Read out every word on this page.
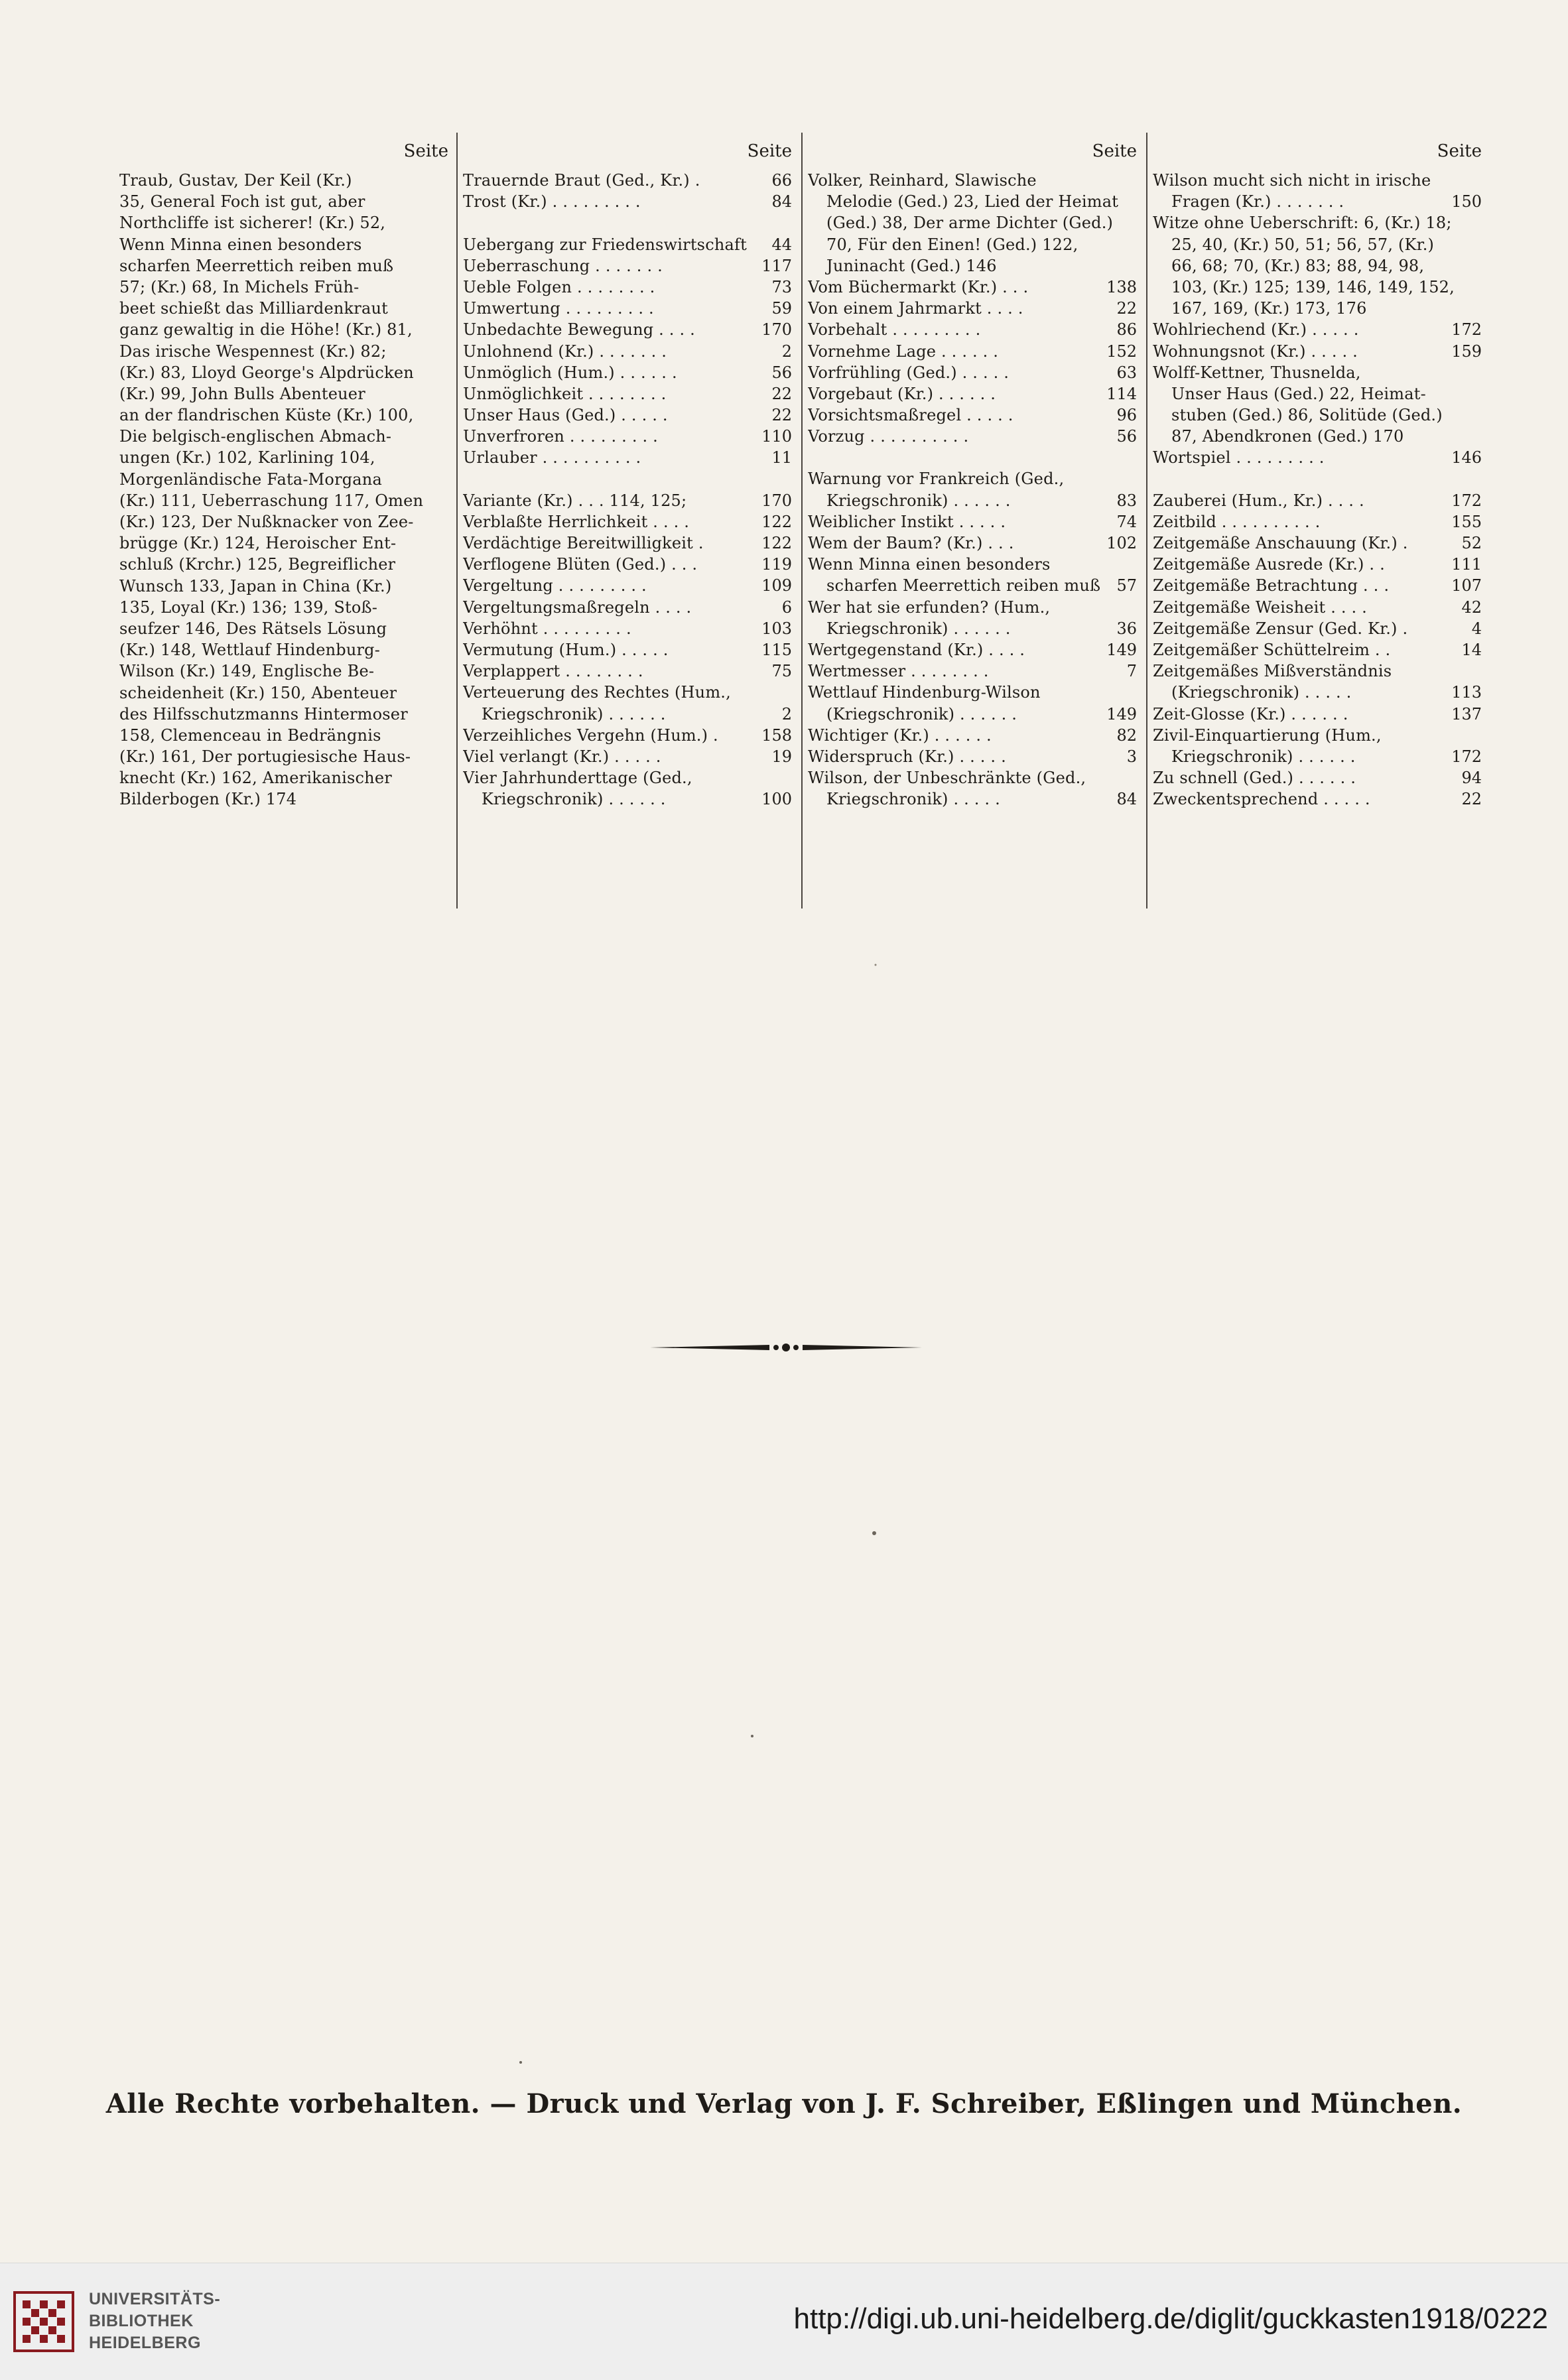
Seite
Traub, Gustav, Der Keil (Kr.)
35, General Foch ist gut, aber
Northcliffe ist sicherer! (Kr.) 52,
Wenn Minna einen besonders
scharfen Meerrettich reiben muß
57; (Kr.) 68, In Michels Früh-
beet schießt das Milliardenkraut
ganz gewaltig in die Höhe! (Kr.) 81,
Das irische Wespennest (Kr.) 82;
(Kr.) 83, Lloyd George's Alpdrücken
(Kr.) 99, John Bulls Abenteuer
an der flandrischen Küste (Kr.) 100,
Die belgisch-englischen Abmach-
ungen (Kr.) 102, Karlining 104,
Morgenländische Fata-Morgana
(Kr.) 111, Ueberraschung 117, Omen
(Kr.) 123, Der Nußknacker von Zee-
brügge (Kr.) 124, Heroischer Ent-
schluß (Krchr.) 125, Begreiflicher
Wunsch 133, Japan in China (Kr.)
135, Loyal (Kr.) 136; 139, Stoß-
seufzer 146, Des Rätsels Lösung
(Kr.) 148, Wettlauf Hindenburg-
Wilson (Kr.) 149, Englische Be-
scheidenheit (Kr.) 150, Abenteuer
des Hilfsschutzmanns Hintermoser
158, Clemenceau in Bedrängnis
(Kr.) 161, Der portugiesische Haus-
knecht (Kr.) 162, Amerikanischer
Bilderbogen (Kr.) 174
Seite
Trauernde Braut (Ged., Kr.) .	66
Trost (Kr.) . . . . . . . . .	84
Uebergang zur Friedenswirtschaft	44
Ueberraschung . . . . . . .	117
Ueble Folgen . . . . . . . .	73
Umwertung . . . . . . . . .	59
Unbedachte Bewegung . . . .	170
Unlohnend (Kr.) . . . . . . .	2
Unmöglich (Hum.) . . . . . .	56
Unmöglichkeit . . . . . . . .	22
Unser Haus (Ged.) . . . . .	22
Unverfroren . . . . . . . . .	110
Urlauber . . . . . . . . . .	11
Variante (Kr.) . . . 114, 125;	170
Verblaßte Herrlichkeit . . . .	122
Verdächtige Bereitwilligkeit .	122
Verflogene Blüten (Ged.) . . .	119
Vergeltung . . . . . . . . .	109
Vergeltungsmaßregeln . . . .	6
Verhöhnt . . . . . . . . .	103
Vermutung (Hum.) . . . . .	115
Verplappert . . . . . . . .	75
Verteuerung des Rechtes (Hum.,
Kriegschronik) . . . . . .	2
Verzeihliches Vergehn (Hum.) .	158
Viel verlangt (Kr.) . . . . .	19
Vier Jahrhunderttage (Ged.,
Kriegschronik) . . . . . .	100
Seite
Volker, Reinhard, Slawische
Melodie (Ged.) 23, Lied der Heimat
(Ged.) 38, Der arme Dichter (Ged.)
70, Für den Einen! (Ged.) 122,
Juninacht (Ged.) 146
Vom Büchermarkt (Kr.) . . .	138
Von einem Jahrmarkt . . . .	22
Vorbehalt . . . . . . . . .	86
Vornehme Lage . . . . . .	152
Vorfrühling (Ged.) . . . . .	63
Vorgebaut (Kr.) . . . . . .	114
Vorsichtsmaßregel . . . . .	96
Vorzug . . . . . . . . . .	56
Warnung vor Frankreich (Ged.,
Kriegschronik) . . . . . .	83
Weiblicher Instikt . . . . .	74
Wem der Baum? (Kr.) . . .	102
Wenn Minna einen besonders
scharfen Meerrettich reiben muß	57
Wer hat sie erfunden? (Hum.,
Kriegschronik) . . . . . .	36
Wertgegenstand (Kr.) . . . .	149
Wertmesser . . . . . . . .	7
Wettlauf Hindenburg-Wilson
(Kriegschronik) . . . . . .	149
Wichtiger (Kr.) . . . . . .	82
Widerspruch (Kr.) . . . . .	3
Wilson, der Unbeschränkte (Ged.,
Kriegschronik) . . . . .	84
Seite
Wilson mucht sich nicht in irische
Fragen (Kr.) . . . . . . .	150
Witze ohne Ueberschrift: 6, (Kr.) 18;
25, 40, (Kr.) 50, 51; 56, 57, (Kr.)
66, 68; 70, (Kr.) 83; 88, 94, 98,
103, (Kr.) 125; 139, 146, 149, 152,
167, 169, (Kr.) 173, 176
Wohlriechend (Kr.) . . . . .	172
Wohnungsnot (Kr.) . . . . .	159
Wolff-Kettner, Thusnelda,
Unser Haus (Ged.) 22, Heimat-
stuben (Ged.) 86, Solitüde (Ged.)
87, Abendkronen (Ged.) 170
Wortspiel . . . . . . . . .	146
Zauberei (Hum., Kr.) . . . .	172
Zeitbild . . . . . . . . . .	155
Zeitgemäße Anschauung (Kr.) .	52
Zeitgemäße Ausrede (Kr.) . .	111
Zeitgemäße Betrachtung . . .	107
Zeitgemäße Weisheit . . . .	42
Zeitgemäße Zensur (Ged. Kr.) .	4
Zeitgemäßer Schüttelreim . .	14
Zeitgemäßes Mißverständnis
(Kriegschronik) . . . . .	113
Zeit-Glosse (Kr.) . . . . . .	137
Zivil-Einquartierung (Hum.,
Kriegschronik) . . . . . .	172
Zu schnell (Ged.) . . . . . .	94
Zweckentsprechend . . . . .	22
Alle Rechte vorbehalten. — Druck und Verlag von J. F. Schreiber, Eßlingen und München.
UNIVERSITÄTS-
BIBLIOTHEK
HEIDELBERG
http://digi.ub.uni-heidelberg.de/diglit/guckkasten1918/0222
